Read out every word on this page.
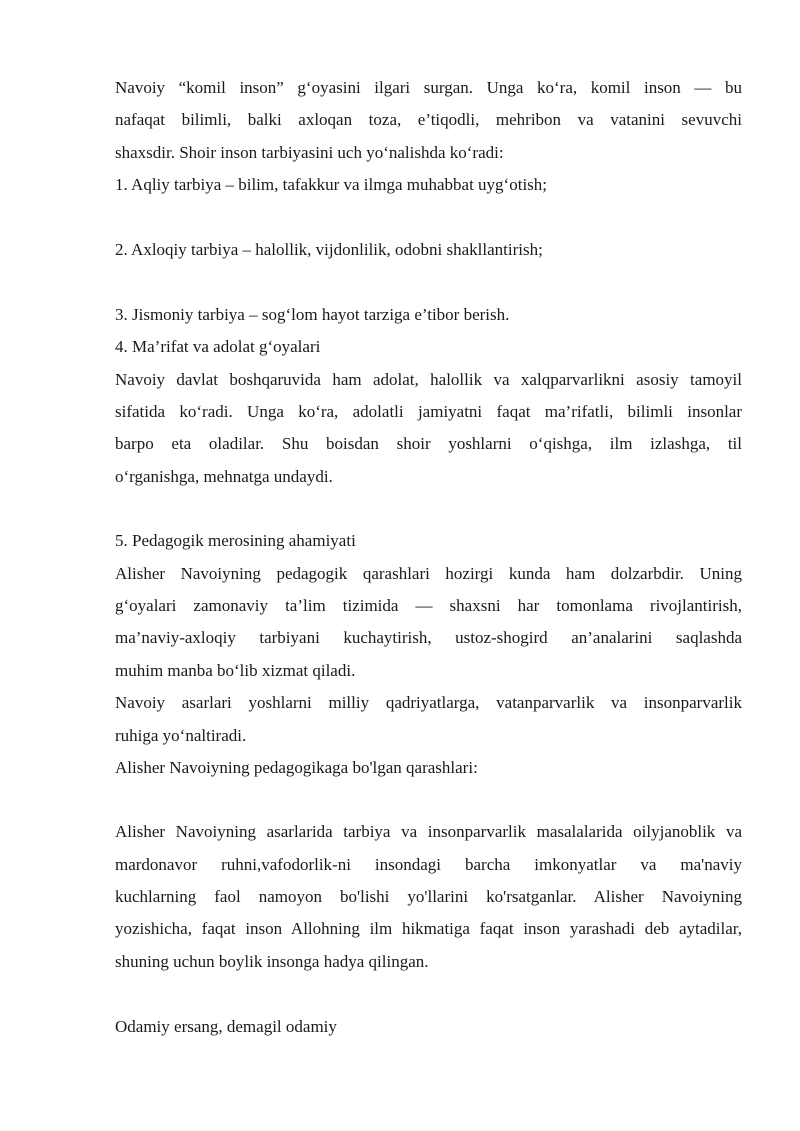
Navoiy “komil inson” g‘oyasini ilgari surgan. Unga ko‘ra, komil inson — bu
nafaqat bilimli, balki axloqan toza, e’tiqodli, mehribon va vatanini sevuvchi
shaxsdir. Shoir inson tarbiyasini uch yo‘nalishda ko‘radi:
1. Aqliy tarbiya – bilim, tafakkur va ilmga muhabbat uyg‘otish;
2. Axloqiy tarbiya – halollik, vijdonlilik, odobni shakllantirish;
3. Jismoniy tarbiya – sog‘lom hayot tarziga e’tibor berish.
4. Ma’rifat va adolat g‘oyalari
Navoiy davlat boshqaruvida ham adolat, halollik va xalqparvarlikni asosiy tamoyil
sifatida ko‘radi. Unga ko‘ra, adolatli jamiyatni faqat ma’rifatli, bilimli insonlar
barpo eta oladilar. Shu boisdan shoir yoshlarni o‘qishga, ilm izlashga, til
o‘rganishga, mehnatga undaydi.
5. Pedagogik merosining ahamiyati
Alisher Navoiyning pedagogik qarashlari hozirgi kunda ham dolzarbdir. Uning
g‘oyalari zamonaviy ta’lim tizimida — shaxsni har tomonlama rivojlantirish,
ma’naviy-axloqiy tarbiyani kuchaytirish, ustoz-shogird an’analarini saqlashda
muhim manba bo‘lib xizmat qiladi.
Navoiy asarlari yoshlarni milliy qadriyatlarga, vatanparvarlik va insonparvarlik
ruhiga yo‘naltiradi.
Alisher Navoiyning pedagogikaga bo'lgan qarashlari:
Alisher Navoiyning asarlarida tarbiya va insonparvarlik masalalarida oilyjanoblik va
mardonavor ruhni,vafodorlik-ni insondagi barcha imkonyatlar va ma'naviy
kuchlarning faol namoyon bo'lishi yo'llarini ko'rsatganlar. Alisher Navoiyning
yozishicha, faqat inson Allohning ilm hikmatiga faqat inson yarashadi deb aytadilar,
shuning uchun boylik insonga hadya qilingan.
Odamiy ersang, demagil odamiy
